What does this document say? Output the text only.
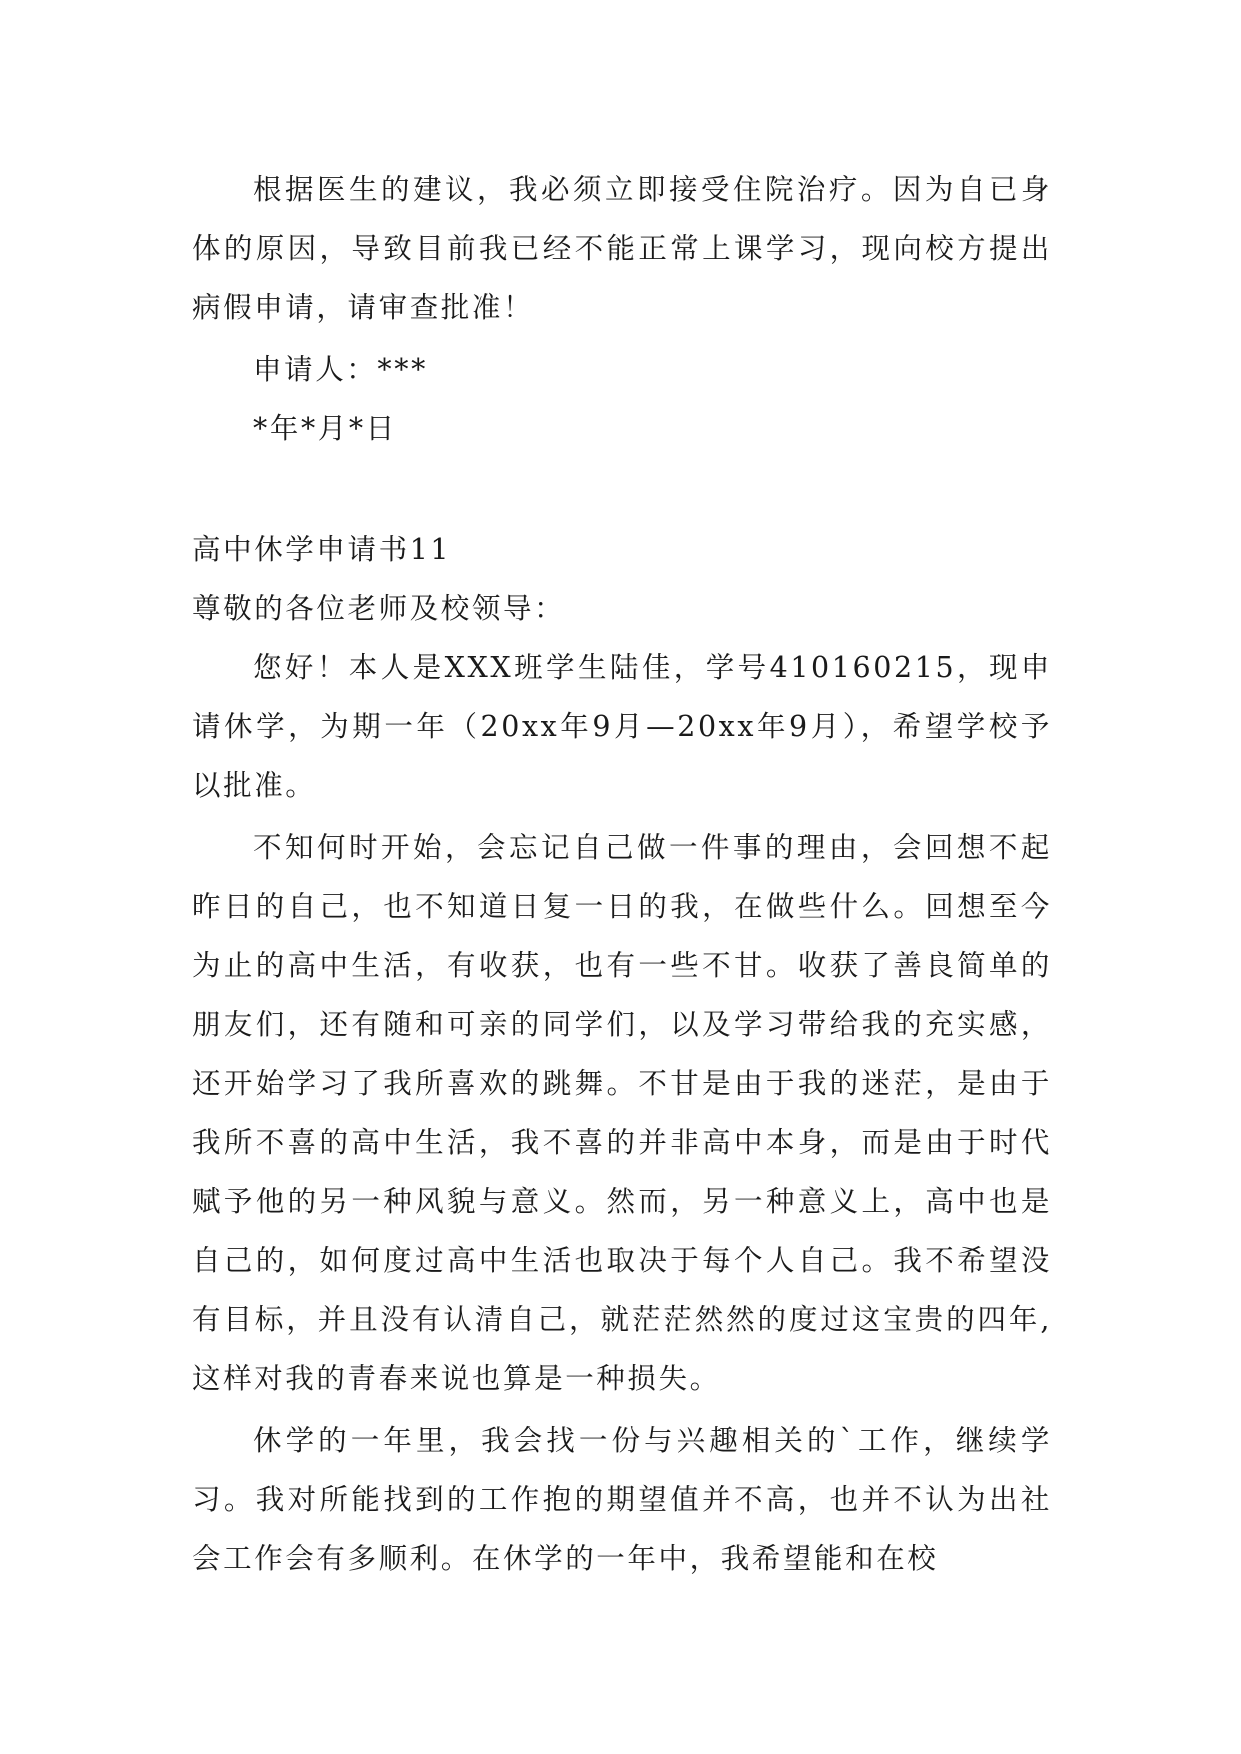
根据医生的建议，我必须立即接受住院治疗。因为自已身体的原因，导致目前我已经不能正常上课学习，现向校方提出病假申请，请审查批准！

申请人：***

*年*月*日

高中休学申请书11

尊敬的各位老师及校领导：

您好！本人是XXX班学生陆佳，学号410160215，现申请休学，为期一年（20xx年9月—20xx年9月），希望学校予以批准。

不知何时开始，会忘记自己做一件事的理由，会回想不起昨日的自己，也不知道日复一日的我，在做些什么。回想至今为止的高中生活，有收获，也有一些不甘。收获了善良简单的朋友们，还有随和可亲的同学们，以及学习带给我的充实感，还开始学习了我所喜欢的跳舞。不甘是由于我的迷茫，是由于我所不喜的高中生活，我不喜的并非高中本身，而是由于时代赋予他的另一种风貌与意义。然而，另一种意义上，高中也是自己的，如何度过高中生活也取决于每个人自己。我不希望没有目标，并且没有认清自己，就茫茫然然的度过这宝贵的四年,这样对我的青春来说也算是一种损失。

休学的一年里，我会找一份与兴趣相关的`工作，继续学习。我对所能找到的工作抱的期望值并不高，也并不认为出社会工作会有多顺利。在休学的一年中，我希望能和在校
